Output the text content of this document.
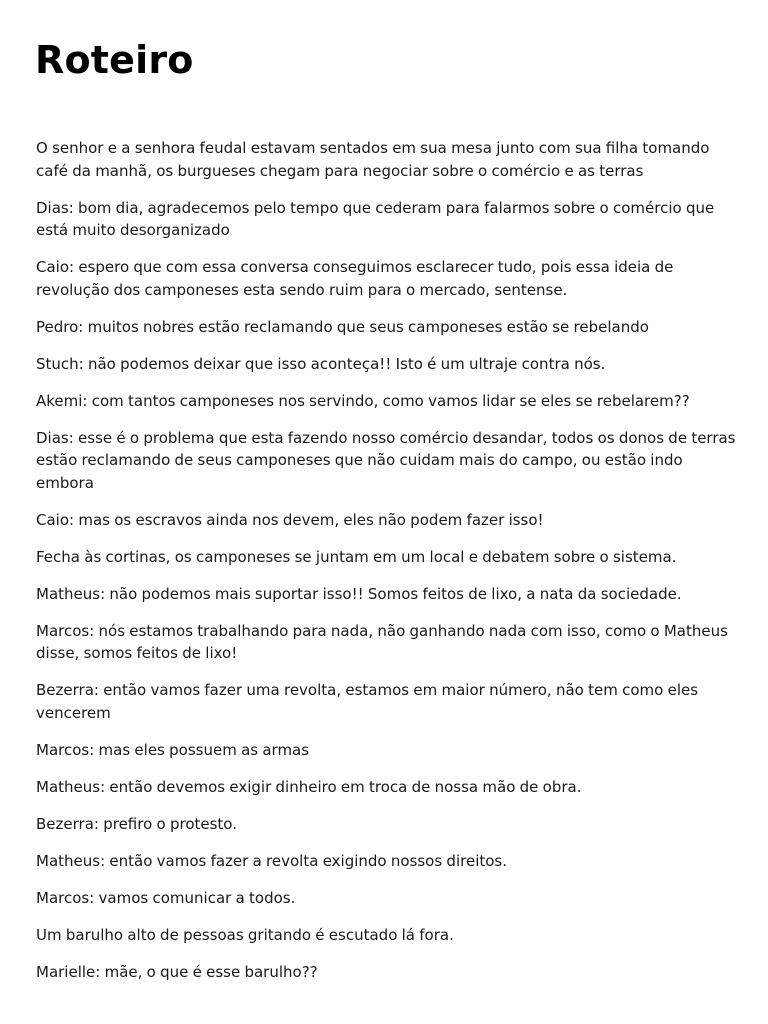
Roteiro

O senhor e a senhora feudal estavam sentados em sua mesa junto com sua filha tomando café da manhã, os burgueses chegam para negociar sobre o comércio e as terras

Dias: bom dia, agradecemos pelo tempo que cederam para falarmos sobre o comércio que está muito desorganizado

Caio: espero que com essa conversa conseguimos esclarecer tudo, pois essa ideia de revolução dos camponeses esta sendo ruim para o mercado, sentense.

Pedro: muitos nobres estão reclamando que seus camponeses estão se rebelando

Stuch: não podemos deixar que isso aconteça!! Isto é um ultraje contra nós.

Akemi: com tantos camponeses nos servindo, como vamos lidar se eles se rebelarem??

Dias: esse é o problema que esta fazendo nosso comércio desandar, todos os donos de terras estão reclamando de seus camponeses que não cuidam mais do campo, ou estão indo embora

Caio: mas os escravos ainda nos devem, eles não podem fazer isso!

Fecha às cortinas, os camponeses se juntam em um local e debatem sobre o sistema.

Matheus: não podemos mais suportar isso!! Somos feitos de lixo, a nata da sociedade.

Marcos: nós estamos trabalhando para nada, não ganhando nada com isso, como o Matheus disse, somos feitos de lixo!

Bezerra: então vamos fazer uma revolta, estamos em maior número, não tem como eles vencerem

Marcos: mas eles possuem as armas

Matheus: então devemos exigir dinheiro em troca de nossa mão de obra.

Bezerra: prefiro o protesto.

Matheus: então vamos fazer a revolta exigindo nossos direitos.

Marcos: vamos comunicar a todos.

Um barulho alto de pessoas gritando é escutado lá fora.

Marielle: mãe, o que é esse barulho??
